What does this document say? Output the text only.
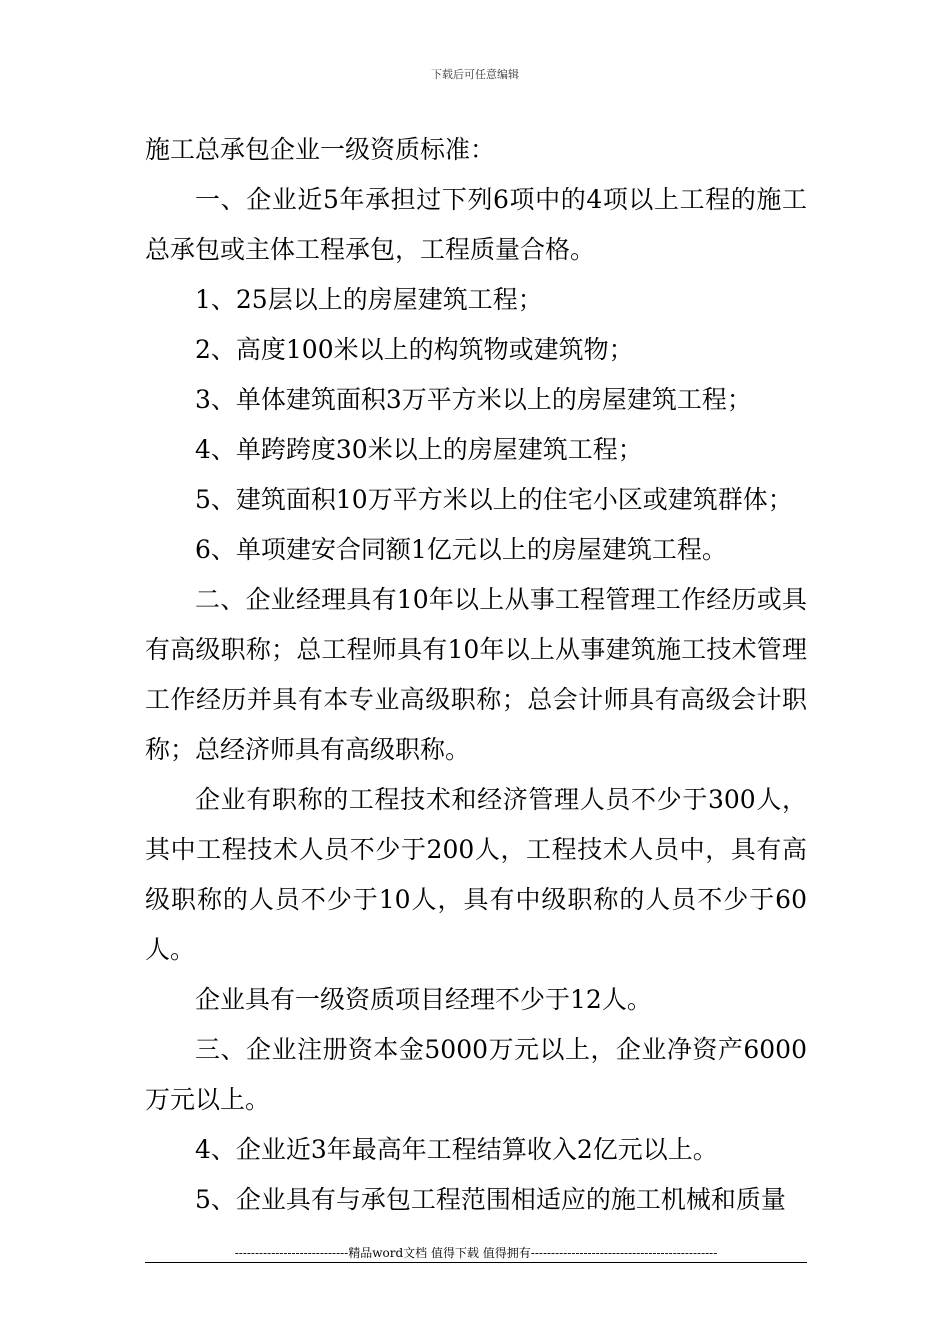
下载后可任意编辑

施工总承包企业一级资质标准：

一、企业近5年承担过下列6项中的4项以上工程的施工总承包或主体工程承包，工程质量合格。

1、25层以上的房屋建筑工程；

2、高度100米以上的构筑物或建筑物；

3、单体建筑面积3万平方米以上的房屋建筑工程；

4、单跨跨度30米以上的房屋建筑工程；

5、建筑面积10万平方米以上的住宅小区或建筑群体；

6、单项建安合同额1亿元以上的房屋建筑工程。

二、企业经理具有10年以上从事工程管理工作经历或具有高级职称；总工程师具有10年以上从事建筑施工技术管理工作经历并具有本专业高级职称；总会计师具有高级会计职称；总经济师具有高级职称。

企业有职称的工程技术和经济管理人员不少于300人，其中工程技术人员不少于200人，工程技术人员中，具有高级职称的人员不少于10人，具有中级职称的人员不少于60人。

企业具有一级资质项目经理不少于12人。

三、企业注册资本金5000万元以上，企业净资产6000万元以上。

4、企业近3年最高年工程结算收入2亿元以上。

5、企业具有与承包工程范围相适应的施工机械和质量

----------------------------精品word文档 值得下载 值得拥有----------------------------------------------
